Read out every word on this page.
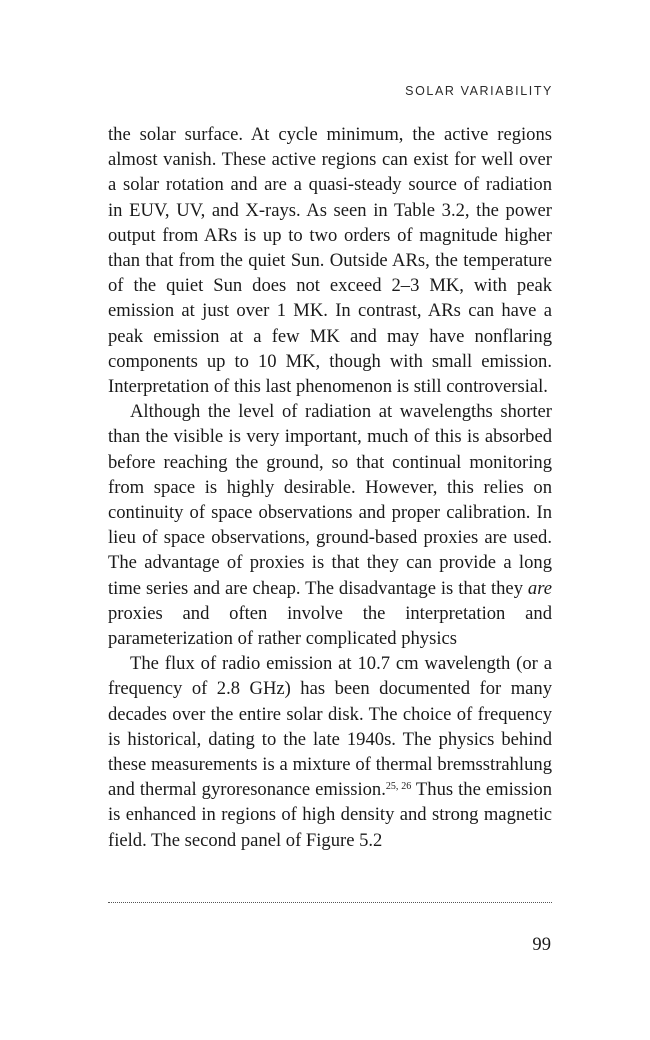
SOLAR VARIABILITY

the solar surface. At cycle minimum, the active regions almost vanish. These active regions can exist for well over a solar rotation and are a quasi-steady source of radiation in EUV, UV, and X-rays. As seen in Table 3.2, the power output from ARs is up to two orders of magnitude higher than that from the quiet Sun. Outside ARs, the temperature of the quiet Sun does not exceed 2–3 MK, with peak emission at just over 1 MK. In contrast, ARs can have a peak emission at a few MK and may have nonflaring components up to 10 MK, though with small emission. Interpretation of this last phenomenon is still controversial.

Although the level of radiation at wavelengths shorter than the visible is very important, much of this is absorbed before reaching the ground, so that continual monitoring from space is highly desirable. However, this relies on continuity of space observations and proper calibration. In lieu of space observations, ground-based proxies are used. The advantage of proxies is that they can provide a long time series and are cheap. The disadvantage is that they are proxies and often involve the interpretation and parameterization of rather complicated physics

The flux of radio emission at 10.7 cm wavelength (or a frequency of 2.8 GHz) has been documented for many decades over the entire solar disk. The choice of frequency is historical, dating to the late 1940s. The physics behind these measurements is a mixture of thermal bremsstrahlung and thermal gyroresonance emission.$^{25, 26}$ Thus the emission is enhanced in regions of high density and strong magnetic field. The second panel of Figure 5.2

99
